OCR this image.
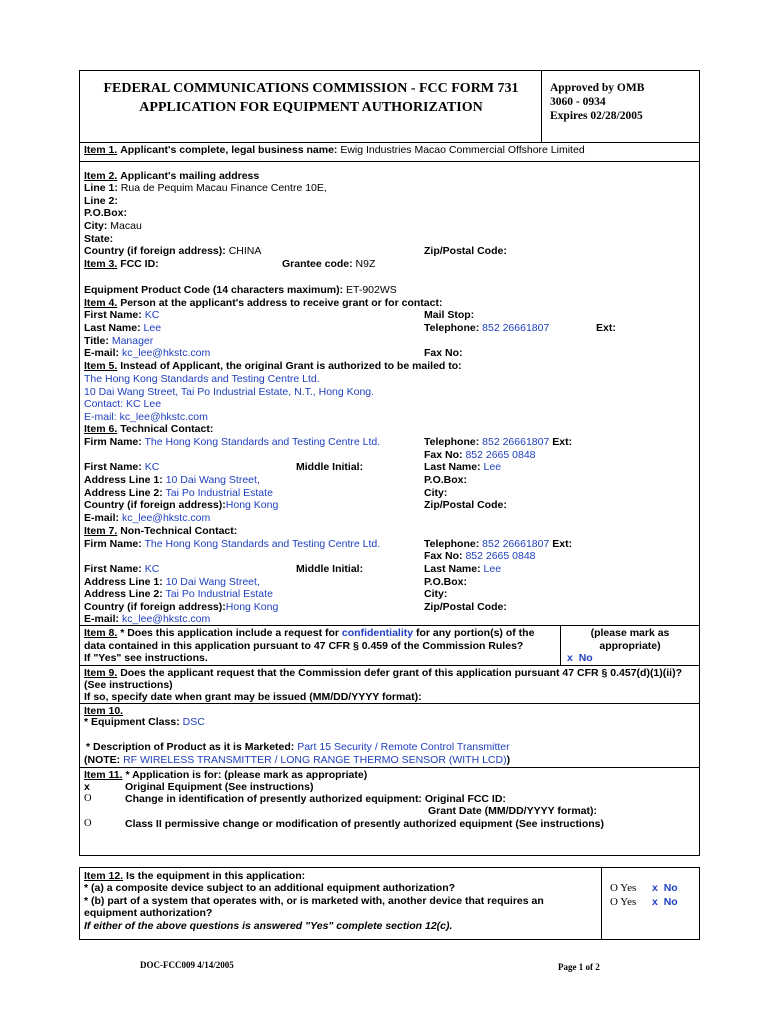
FEDERAL COMMUNICATIONS COMMISSION - FCC FORM 731
APPLICATION FOR EQUIPMENT AUTHORIZATION
Approved by OMB
3060 - 0934
Expires 02/28/2005
Item 1. Applicant's complete, legal business name: Ewig Industries Macao Commercial Offshore Limited
Item 2. Applicant's mailing address
Line 1: Rua de Pequim Macau Finance Centre 10E,
Line 2:
P.O.Box:
City: Macau
State:
Country (if foreign address): CHINA	Zip/Postal Code:
Item 3. FCC ID:	Grantee code: N9Z
Equipment Product Code (14 characters maximum): ET-902WS
Item 4. Person at the applicant's address to receive grant or for contact:
First Name: KC	Mail Stop:
Last Name: Lee	Telephone: 852 26661807	Ext:
Title: Manager
E-mail: kc_lee@hkstc.com	Fax No:
Item 5. Instead of Applicant, the original Grant is authorized to be mailed to:
The Hong Kong Standards and Testing Centre Ltd.
10 Dai Wang Street, Tai Po Industrial Estate, N.T., Hong Kong.
Contact: KC Lee
E-mail: kc_lee@hkstc.com
Item 6. Technical Contact:
Firm Name: The Hong Kong Standards and Testing Centre Ltd.	Telephone: 852 26661807 Ext:
Fax No: 852 2665 0848
First Name: KC	Middle Initial:	Last Name: Lee
Address Line 1: 10 Dai Wang Street,	P.O.Box:
Address Line 2: Tai Po Industrial Estate	City:
Country (if foreign address):Hong Kong	Zip/Postal Code:
E-mail: kc_lee@hkstc.com
Item 7. Non-Technical Contact:
Firm Name: The Hong Kong Standards and Testing Centre Ltd.	Telephone: 852 26661807 Ext:
Fax No: 852 2665 0848
First Name: KC	Middle Initial:	Last Name: Lee
Address Line 1: 10 Dai Wang Street,	P.O.Box:
Address Line 2: Tai Po Industrial Estate	City:
Country (if foreign address):Hong Kong	Zip/Postal Code:
E-mail: kc_lee@hkstc.com
Item 8. * Does this application include a request for confidentiality for any portion(s) of the
data contained in this application pursuant to 47 CFR § 0.459 of the Commission Rules?
If "Yes" see instructions.
(please mark as
appropriate)
x No
Item 9. Does the applicant request that the Commission defer grant of this application pursuant 47 CFR § 0.457(d)(1)(ii)?
(See instructions)
If so, specify date when grant may be issued (MM/DD/YYYY format):
Item 10.
* Equipment Class: DSC
* Description of Product as it is Marketed: Part 15 Security / Remote Control Transmitter
(NOTE: RF WIRELESS TRANSMITTER / LONG RANGE THERMO SENSOR (WITH LCD))
Item 11. * Application is for: (please mark as appropriate)
x	Original Equipment (See instructions)
O	Change in identification of presently authorized equipment: Original FCC ID:
Grant Date (MM/DD/YYYY format):
O	Class II permissive change or modification of presently authorized equipment (See instructions)
Item 12. Is the equipment in this application:
* (a) a composite device subject to an additional equipment authorization?
* (b) part of a system that operates with, or is marketed with, another device that requires an
equipment authorization?
If either of the above questions is answered "Yes" complete section 12(c).
O Yes x No
O Yes x No
DOC-FCC009 4/14/2005	Page 1 of 2
